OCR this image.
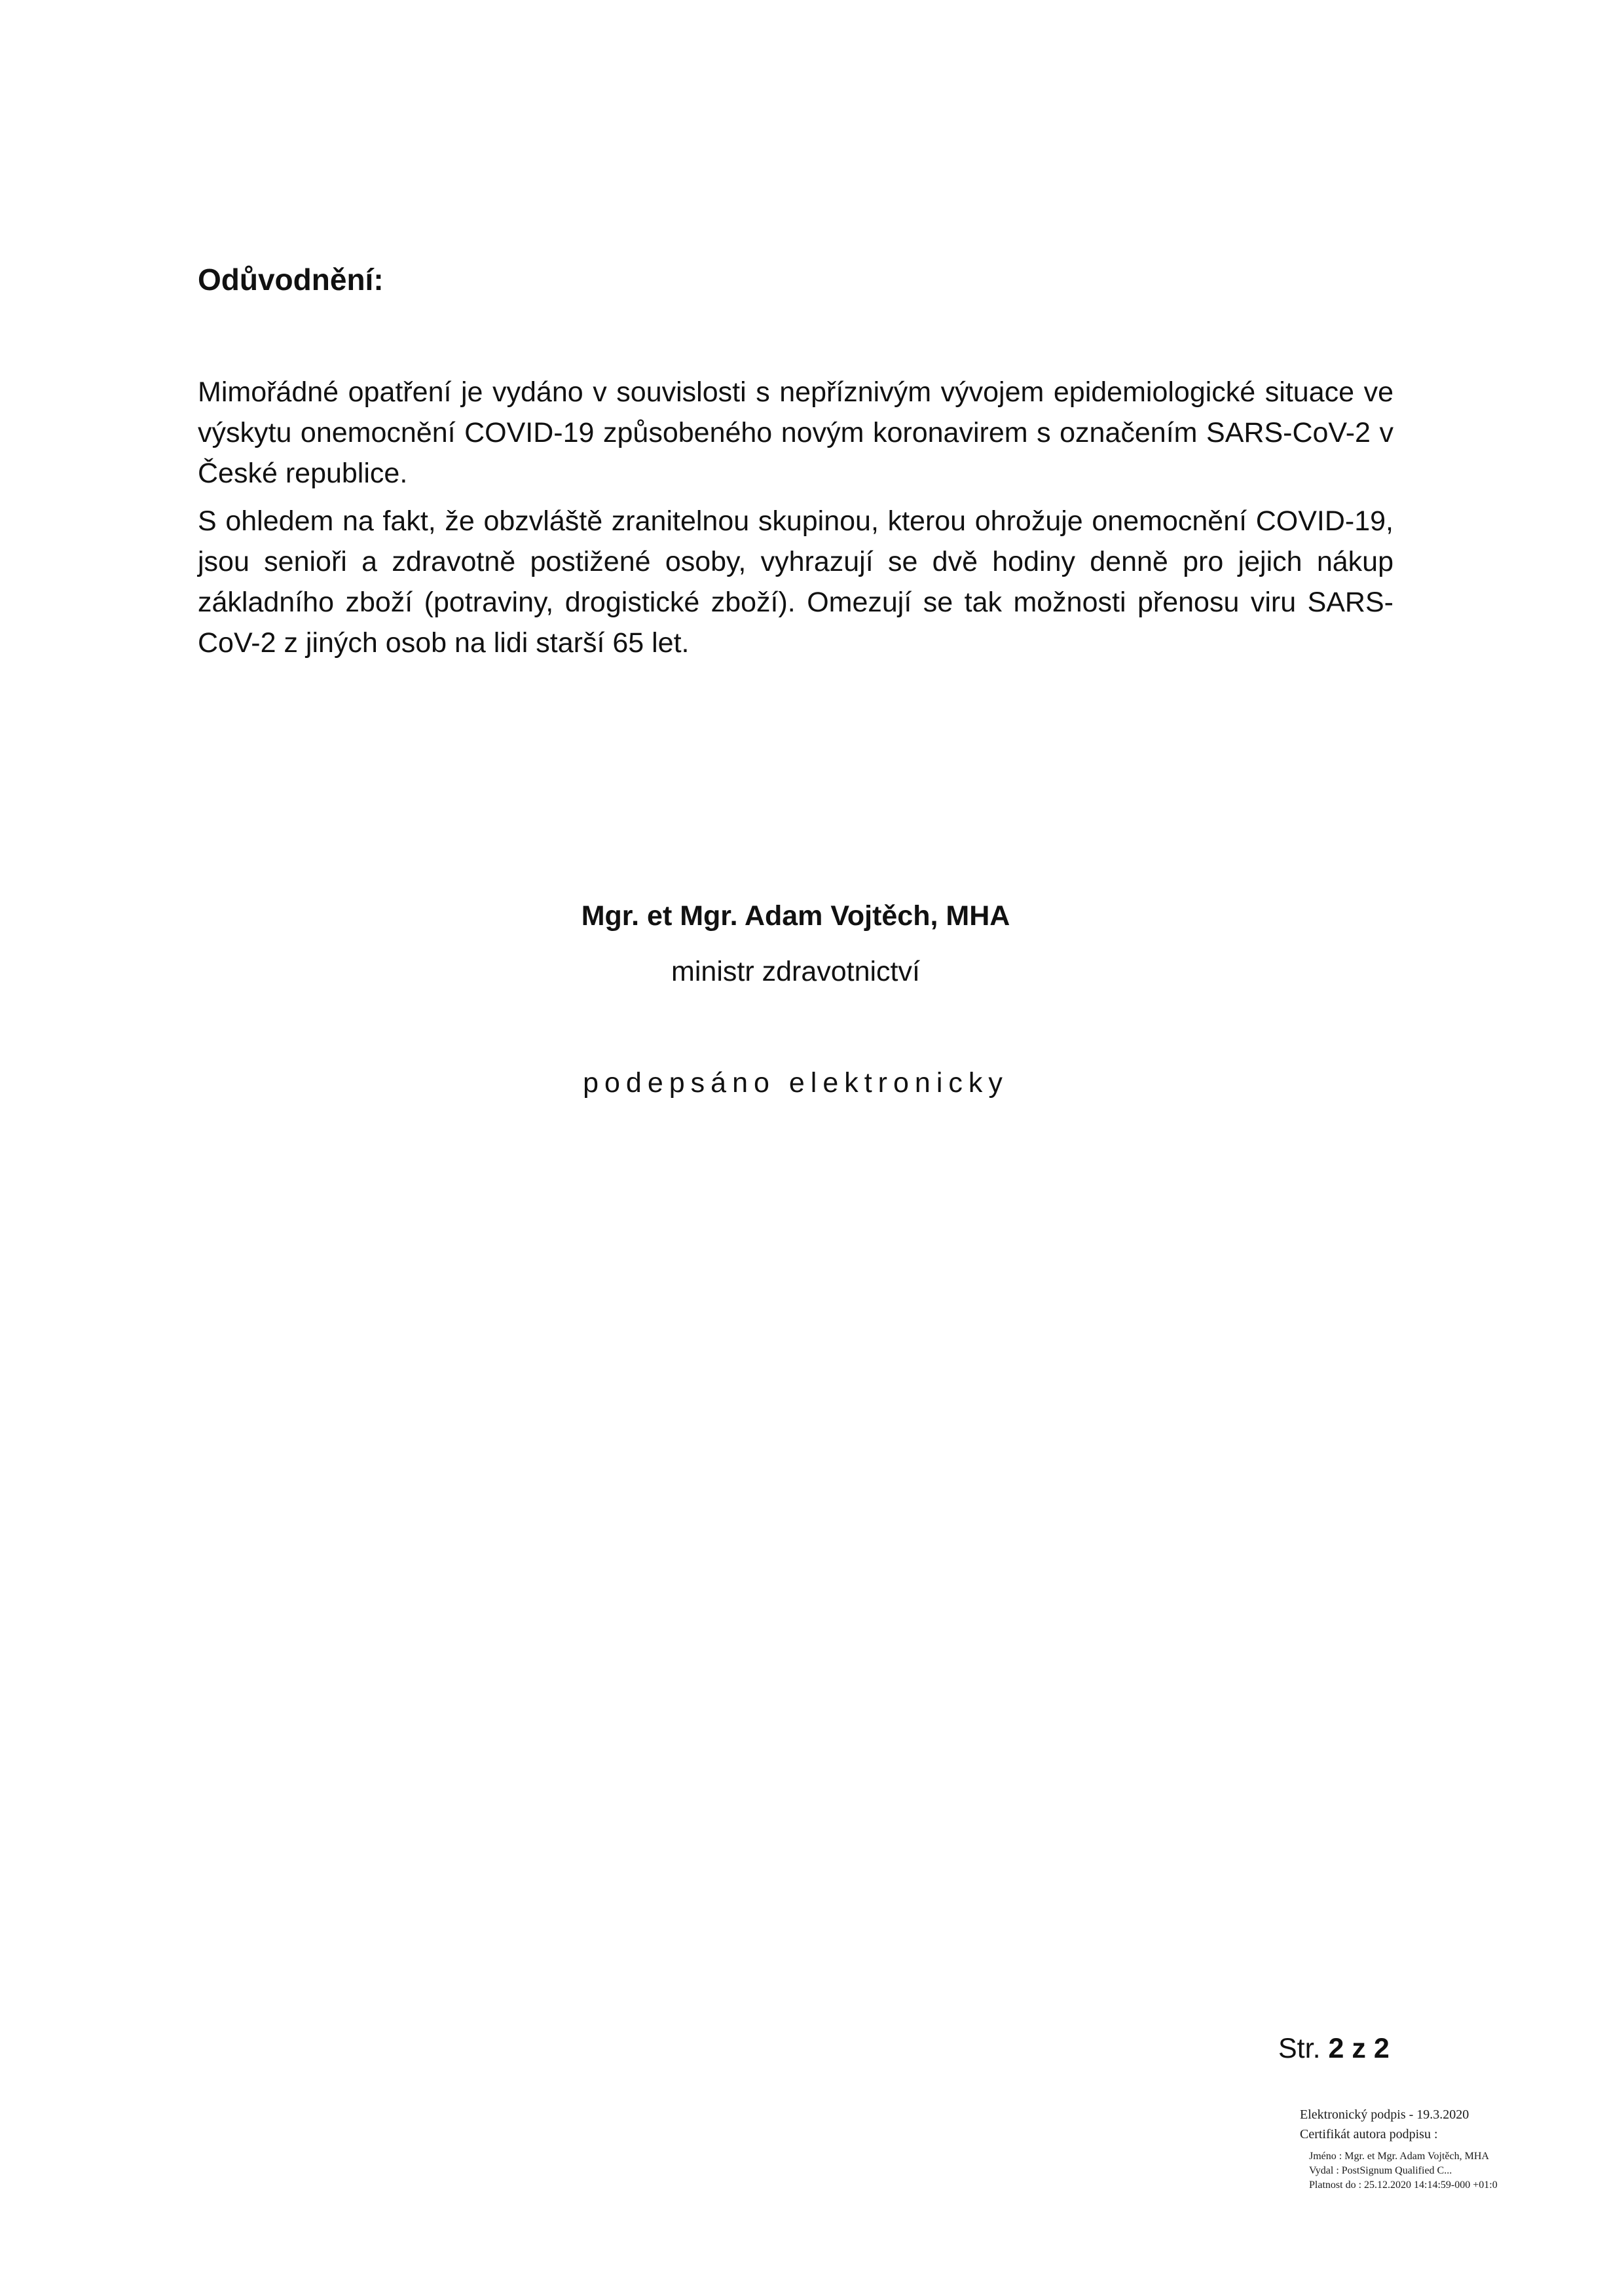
Odůvodnění:

Mimořádné opatření je vydáno v souvislosti s nepříznivým vývojem epidemiologické situace ve výskytu onemocnění COVID-19 způsobeného novým koronavirem s označením SARS-CoV-2 v České republice.

S ohledem na fakt, že obzvláště zranitelnou skupinou, kterou ohrožuje onemocnění COVID-19, jsou senioři a zdravotně postižené osoby, vyhrazují se dvě hodiny denně pro jejich nákup základního zboží (potraviny, drogistické zboží). Omezují se tak možnosti přenosu viru SARS-CoV-2 z jiných osob na lidi starší 65 let.

Mgr. et Mgr. Adam Vojtěch, MHA

ministr zdravotnictví

podepsáno elektronicky

Str. 2 z 2

Elektronický podpis - 19.3.2020

Certifikát autora podpisu :

Jméno : Mgr. et Mgr. Adam Vojtěch, MHA

Vydal : PostSignum Qualified C...

Platnost do : 25.12.2020 14:14:59-000 +01:0
